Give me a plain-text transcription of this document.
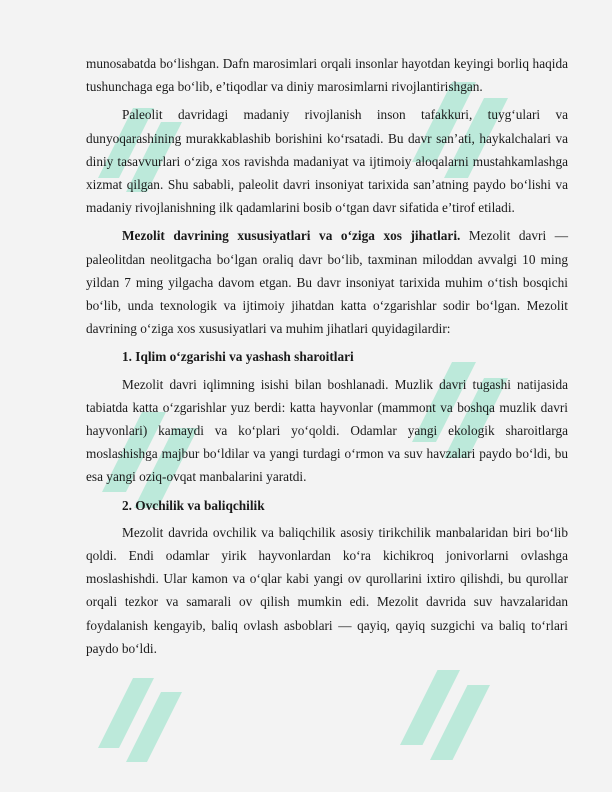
munosabatda bo‘lishgan. Dafn marosimlari orqali insonlar hayotdan keyingi borliq haqida tushunchaga ega bo‘lib, e’tiqodlar va diniy marosimlarni rivojlantirishgan.

Paleolit davridagi madaniy rivojlanish inson tafakkuri, tuyg‘ulari va dunyoqarashining murakkablashib borishini ko‘rsatadi. Bu davr san’ati, haykalchalari va diniy tasavvurlari o‘ziga xos ravishda madaniyat va ijtimoiy aloqalarni mustahkamlashga xizmat qilgan. Shu sababli, paleolit davri insoniyat tarixida san’atning paydo bo‘lishi va madaniy rivojlanishning ilk qadamlarini bosib o‘tgan davr sifatida e’tirof etiladi.

Mezolit davrining xususiyatlari va o‘ziga xos jihatlari. Mezolit davri — paleolitdan neolitgacha bo‘lgan oraliq davr bo‘lib, taxminan miloddan avvalgi 10 ming yildan 7 ming yilgacha davom etgan. Bu davr insoniyat tarixida muhim o‘tish bosqichi bo‘lib, unda texnologik va ijtimoiy jihatdan katta o‘zgarishlar sodir bo‘lgan. Mezolit davrining o‘ziga xos xususiyatlari va muhim jihatlari quyidagilardir:

1. Iqlim o‘zgarishi va yashash sharoitlari

Mezolit davri iqlimning isishi bilan boshlanadi. Muzlik davri tugashi natijasida tabiatda katta o‘zgarishlar yuz berdi: katta hayvonlar (mammont va boshqa muzlik davri hayvonlari) kamaydi va ko‘plari yo‘qoldi. Odamlar yangi ekologik sharoitlarga moslashishga majbur bo‘ldilar va yangi turdagi o‘rmon va suv havzalari paydo bo‘ldi, bu esa yangi oziq-ovqat manbalarini yaratdi.

2. Ovchilik va baliqchilik

Mezolit davrida ovchilik va baliqchilik asosiy tirikchilik manbalaridan biri bo‘lib qoldi. Endi odamlar yirik hayvonlardan ko‘ra kichikroq jonivorlarni ovlashga moslashishdi. Ular kamon va o‘qlar kabi yangi ov qurollarini ixtiro qilishdi, bu qurollar orqali tezkor va samarali ov qilish mumkin edi. Mezolit davrida suv havzalaridan foydalanish kengayib, baliq ovlash asboblari — qayiq, qayiq suzgichi va baliq to‘rlari paydo bo‘ldi.
